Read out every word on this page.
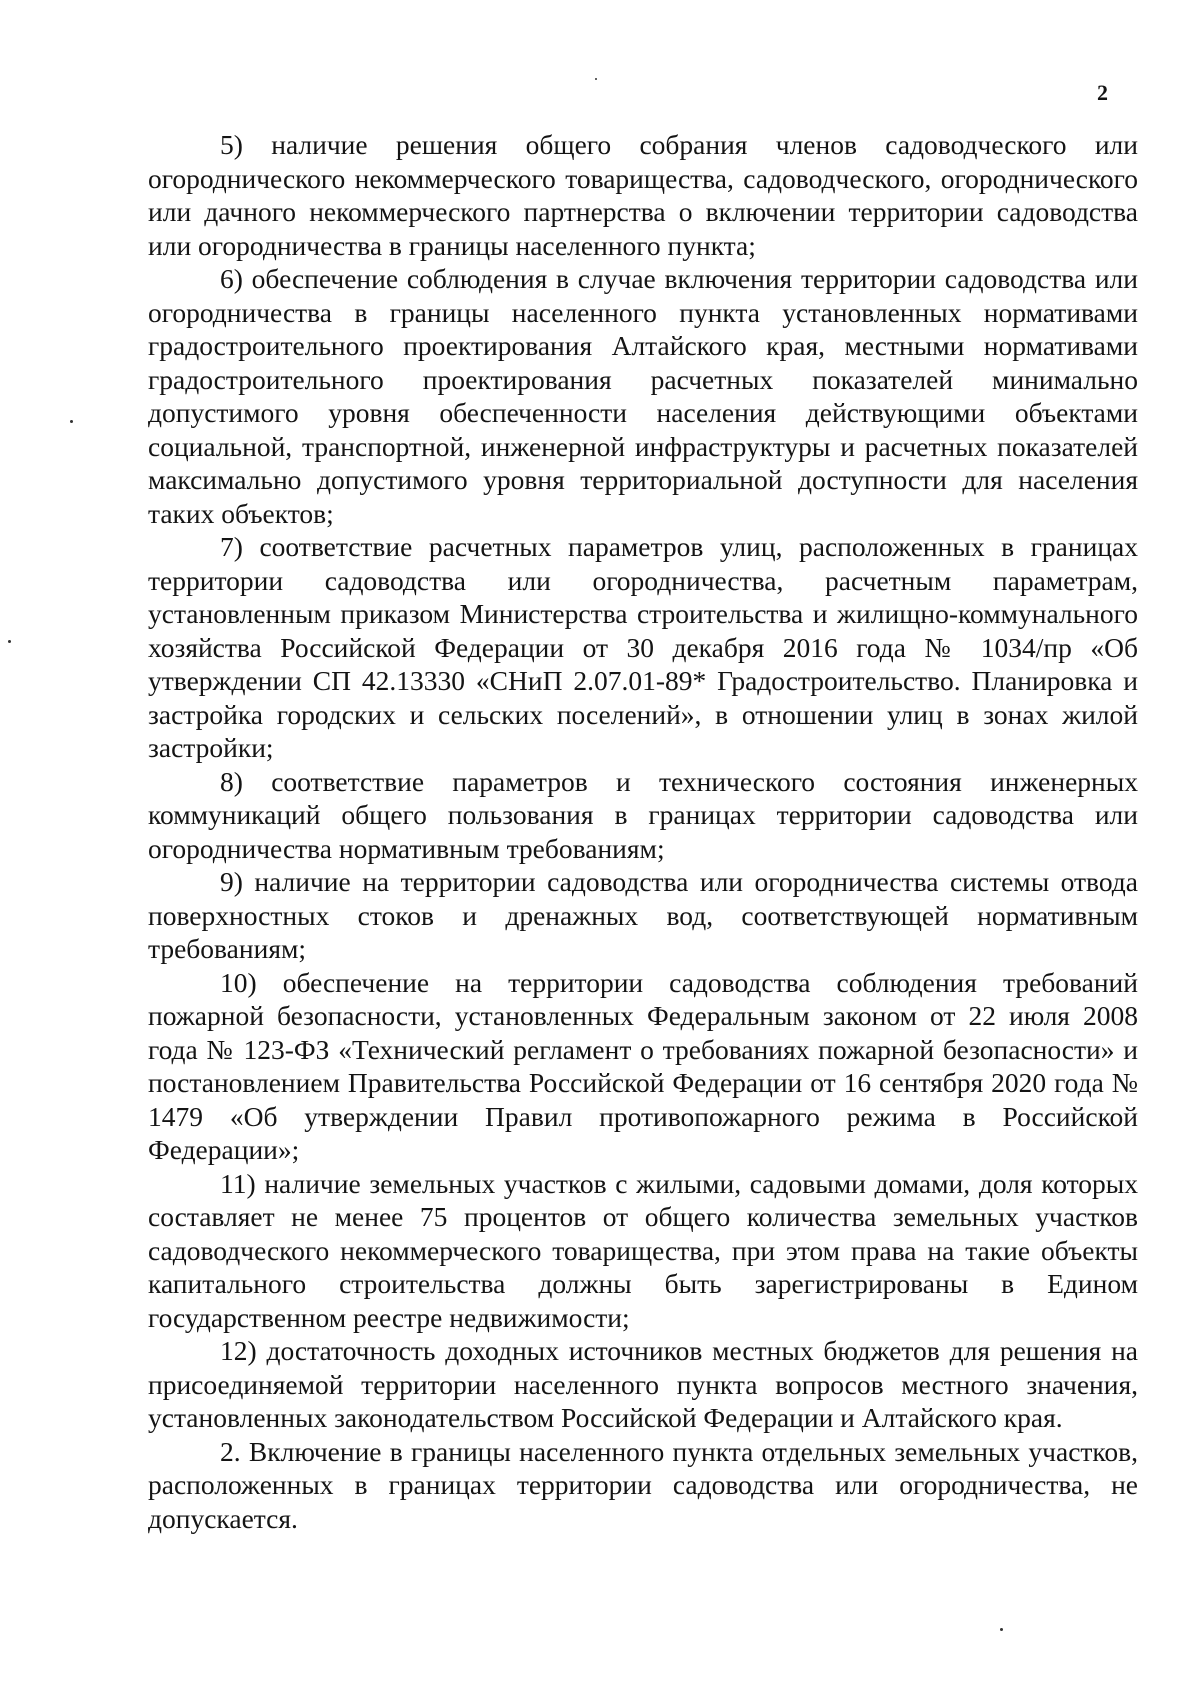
2

5) наличие решения общего собрания членов садоводческого или огороднического некоммерческого товарищества, садоводческого, огороднического или дачного некоммерческого партнерства о включении территории садоводства или огородничества в границы населенного пункта;

6) обеспечение соблюдения в случае включения территории садоводства или огородничества в границы населенного пункта установленных нормативами градостроительного проектирования Алтайского края, местными нормативами градостроительного проектирования расчетных показателей минимально допустимого уровня обеспеченности населения действующими объектами социальной, транспортной, инженерной инфраструктуры и расчетных показателей максимально допустимого уровня территориальной доступности для населения таких объектов;

7) соответствие расчетных параметров улиц, расположенных в границах территории садоводства или огородничества, расчетным параметрам, установленным приказом Министерства строительства и жилищно-коммунального хозяйства Российской Федерации от 30 декабря 2016 года № 1034/пр «Об утверждении СП 42.13330 «СНиП 2.07.01-89* Градостроительство. Планировка и застройка городских и сельских поселений», в отношении улиц в зонах жилой застройки;

8) соответствие параметров и технического состояния инженерных коммуникаций общего пользования в границах территории садоводства или огородничества нормативным требованиям;

9) наличие на территории садоводства или огородничества системы отвода поверхностных стоков и дренажных вод, соответствующей нормативным требованиям;

10) обеспечение на территории садоводства соблюдения требований пожарной безопасности, установленных Федеральным законом от 22 июля 2008 года № 123-ФЗ «Технический регламент о требованиях пожарной безопасности» и постановлением Правительства Российской Федерации от 16 сентября 2020 года № 1479 «Об утверждении Правил противопожарного режима в Российской Федерации»;

11) наличие земельных участков с жилыми, садовыми домами, доля которых составляет не менее 75 процентов от общего количества земельных участков садоводческого некоммерческого товарищества, при этом права на такие объекты капитального строительства должны быть зарегистрированы в Едином государственном реестре недвижимости;

12) достаточность доходных источников местных бюджетов для решения на присоединяемой территории населенного пункта вопросов местного значения, установленных законодательством Российской Федерации и Алтайского края.

2. Включение в границы населенного пункта отдельных земельных участков, расположенных в границах территории садоводства или огородничества, не допускается.
